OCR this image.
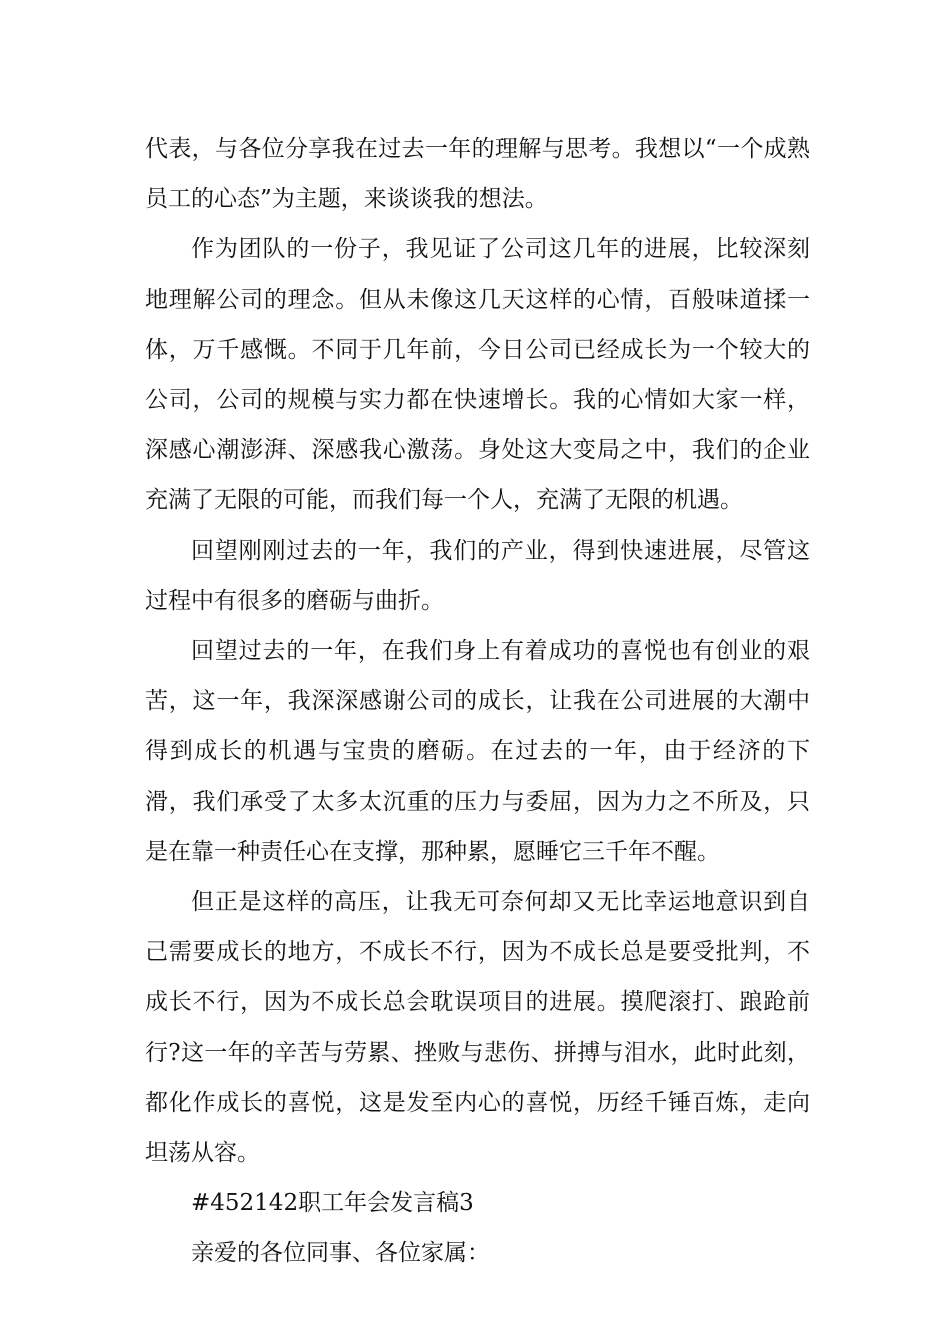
代表，与各位分享我在过去一年的理解与思考。我想以“一个成熟员工的心态”为主题，来谈谈我的想法。

作为团队的一份子，我见证了公司这几年的进展，比较深刻地理解公司的理念。但从未像这几天这样的心情，百般味道揉一体，万千感慨。不同于几年前，今日公司已经成长为一个较大的公司，公司的规模与实力都在快速增长。我的心情如大家一样，深感心潮澎湃、深感我心激荡。身处这大变局之中，我们的企业充满了无限的可能，而我们每一个人，充满了无限的机遇。

回望刚刚过去的一年，我们的产业，得到快速进展，尽管这过程中有很多的磨砺与曲折。

回望过去的一年，在我们身上有着成功的喜悦也有创业的艰苦，这一年，我深深感谢公司的成长，让我在公司进展的大潮中得到成长的机遇与宝贵的磨砺。在过去的一年，由于经济的下滑，我们承受了太多太沉重的压力与委屈，因为力之不所及，只是在靠一种责任心在支撑，那种累，愿睡它三千年不醒。

但正是这样的高压，让我无可奈何却又无比幸运地意识到自己需要成长的地方，不成长不行，因为不成长总是要受批判，不成长不行，因为不成长总会耽误项目的进展。摸爬滚打、踉跄前行?这一年的辛苦与劳累、挫败与悲伤、拼搏与泪水，此时此刻，都化作成长的喜悦，这是发至内心的喜悦，历经千锤百炼，走向坦荡从容。

#452142职工年会发言稿3

亲爱的各位同事、各位家属：
